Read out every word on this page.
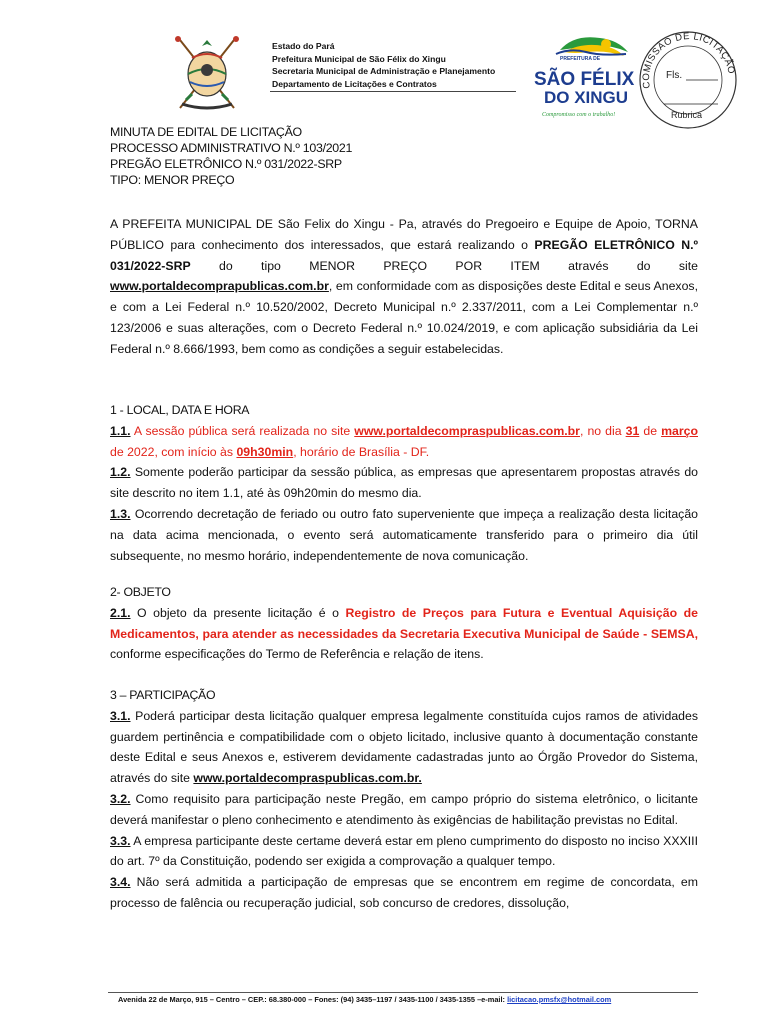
Estado do Pará
Prefeitura Municipal de São Félix do Xingu
Secretaria Municipal de Administração e Planejamento
Departamento de Licitações e Contratos
PREFEITURA DE
SÃO FÉLIX
DO XINGU
Compromisso com o trabalho!
COMISSÃO DE LICITAÇÃO
Fls.
Rubrica
MINUTA DE EDITAL DE LICITAÇÃO
PROCESSO ADMINISTRATIVO N.º 103/2021
PREGÃO ELETRÔNICO N.º 031/2022-SRP
TIPO: MENOR PREÇO

A PREFEITA MUNICIPAL DE São Felix do Xingu - Pa, através do Pregoeiro e Equipe de Apoio, TORNA PÚBLICO para conhecimento dos interessados, que estará realizando o PREGÃO ELETRÔNICO N.º 031/2022-SRP do tipo MENOR PREÇO POR ITEM através do site www.portaldecomprapublicas.com.br, em conformidade com as disposições deste Edital e seus Anexos, e com a Lei Federal n.º 10.520/2002, Decreto Municipal n.º 2.337/2011, com a Lei Complementar n.º 123/2006 e suas alterações, com o Decreto Federal n.º 10.024/2019, e com aplicação subsidiária da Lei Federal n.º 8.666/1993, bem como as condições a seguir estabelecidas.

1 - LOCAL, DATA E HORA

1.1. A sessão pública será realizada no site www.portaldecompraspublicas.com.br, no dia 31 de março de 2022, com início às 09h30min, horário de Brasília - DF.

1.2. Somente poderão participar da sessão pública, as empresas que apresentarem propostas através do site descrito no item 1.1, até às 09h20min do mesmo dia.

1.3. Ocorrendo decretação de feriado ou outro fato superveniente que impeça a realização desta licitação na data acima mencionada, o evento será automaticamente transferido para o primeiro dia útil subsequente, no mesmo horário, independentemente de nova comunicação.

2- OBJETO

2.1. O objeto da presente licitação é o Registro de Preços para Futura e Eventual Aquisição de Medicamentos, para atender as necessidades da Secretaria Executiva Municipal de Saúde - SEMSA, conforme especificações do Termo de Referência e relação de itens.

3 – PARTICIPAÇÃO

3.1. Poderá participar desta licitação qualquer empresa legalmente constituída cujos ramos de atividades guardem pertinência e compatibilidade com o objeto licitado, inclusive quanto à documentação constante deste Edital e seus Anexos e, estiverem devidamente cadastradas junto ao Órgão Provedor do Sistema, através do site www.portaldecompraspublicas.com.br.

3.2. Como requisito para participação neste Pregão, em campo próprio do sistema eletrônico, o licitante deverá manifestar o pleno conhecimento e atendimento às exigências de habilitação previstas no Edital.

3.3. A empresa participante deste certame deverá estar em pleno cumprimento do disposto no inciso XXXIII do art. 7º da Constituição, podendo ser exigida a comprovação a qualquer tempo.

3.4. Não será admitida a participação de empresas que se encontrem em regime de concordata, em processo de falência ou recuperação judicial, sob concurso de credores, dissolução,

Avenida 22 de Março, 915 – Centro – CEP.: 68.380-000 – Fones: (94) 3435–1197 / 3435-1100 / 3435-1355 –e-mail: licitacao.pmsfx@hotmail.com
